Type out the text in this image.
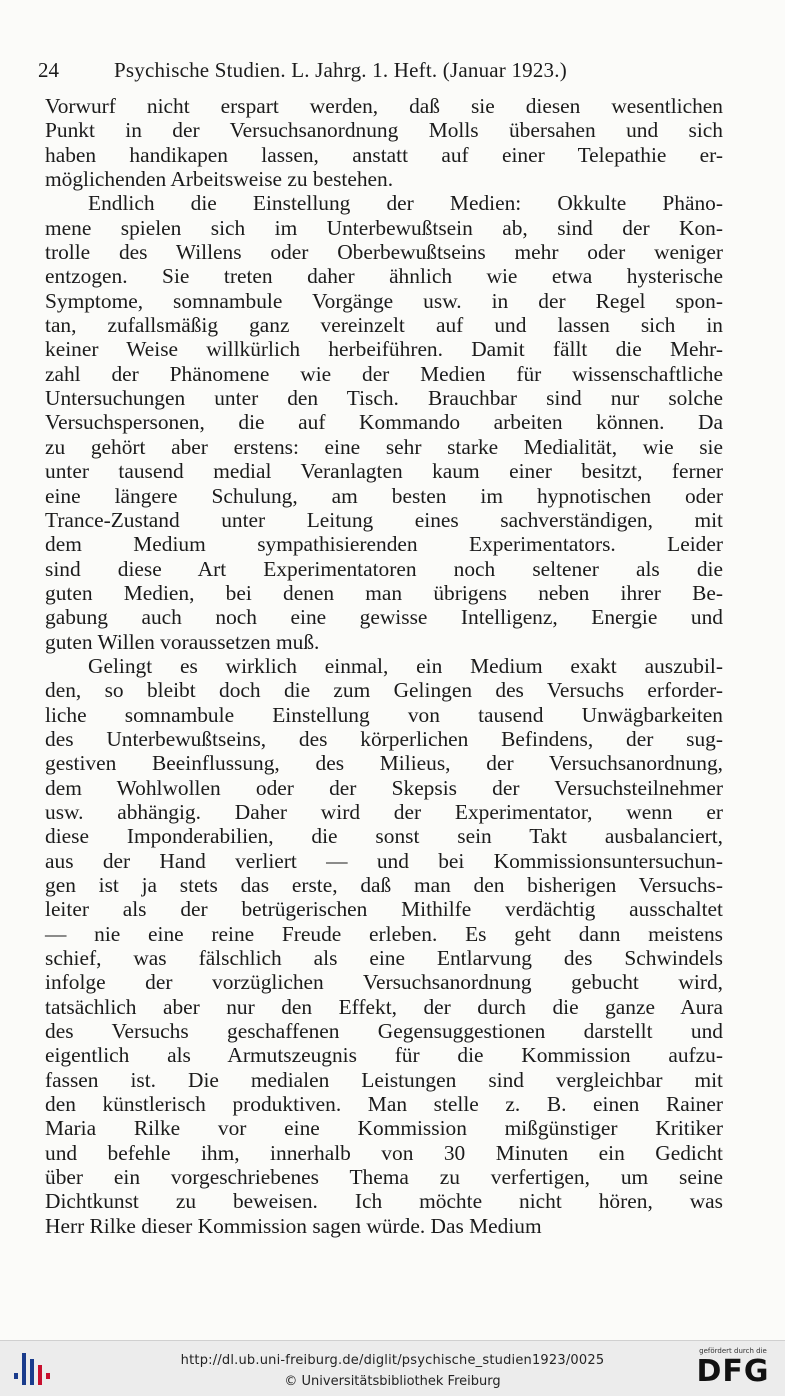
24	Psychische Studien. L. Jahrg. 1. Heft. (Januar 1923.)
Vorwurf nicht erspart werden, daß sie diesen wesentlichen
Punkt in der Versuchsanordnung Molls übersahen und sich
haben handikapen lassen, anstatt auf einer Telepathie er-
möglichenden Arbeitsweise zu bestehen.
Endlich die Einstellung der Medien: Okkulte Phäno-
mene spielen sich im Unterbewußtsein ab, sind der Kon-
trolle des Willens oder Oberbewußtseins mehr oder weniger
entzogen. Sie treten daher ähnlich wie etwa hysterische
Symptome, somnambule Vorgänge usw. in der Regel spon-
tan, zufallsmäßig ganz vereinzelt auf und lassen sich in
keiner Weise willkürlich herbeiführen. Damit fällt die Mehr-
zahl der Phänomene wie der Medien für wissenschaftliche
Untersuchungen unter den Tisch. Brauchbar sind nur solche
Versuchspersonen, die auf Kommando arbeiten können. Da
zu gehört aber erstens: eine sehr starke Medialität, wie sie
unter tausend medial Veranlagten kaum einer besitzt, ferner
eine längere Schulung, am besten im hypnotischen oder
Trance-Zustand unter Leitung eines sachverständigen, mit
dem Medium sympathisierenden Experimentators. Leider
sind diese Art Experimentatoren noch seltener als die
guten Medien, bei denen man übrigens neben ihrer Be-
gabung auch noch eine gewisse Intelligenz, Energie und
guten Willen voraussetzen muß.
Gelingt es wirklich einmal, ein Medium exakt auszubil-
den, so bleibt doch die zum Gelingen des Versuchs erforder-
liche somnambule Einstellung von tausend Unwägbarkeiten
des Unterbewußtseins, des körperlichen Befindens, der sug-
gestiven Beeinflussung, des Milieus, der Versuchsanordnung,
dem Wohlwollen oder der Skepsis der Versuchsteilnehmer
usw. abhängig. Daher wird der Experimentator, wenn er
diese Imponderabilien, die sonst sein Takt ausbalanciert,
aus der Hand verliert — und bei Kommissionsuntersuchun-
gen ist ja stets das erste, daß man den bisherigen Versuchs-
leiter als der betrügerischen Mithilfe verdächtig ausschaltet
— nie eine reine Freude erleben. Es geht dann meistens
schief, was fälschlich als eine Entlarvung des Schwindels
infolge der vorzüglichen Versuchsanordnung gebucht wird,
tatsächlich aber nur den Effekt, der durch die ganze Aura
des Versuchs geschaffenen Gegensuggestionen darstellt und
eigentlich als Armutszeugnis für die Kommission aufzu-
fassen ist. Die medialen Leistungen sind vergleichbar mit
den künstlerisch produktiven. Man stelle z. B. einen Rainer
Maria Rilke vor eine Kommission mißgünstiger Kritiker
und befehle ihm, innerhalb von 30 Minuten ein Gedicht
über ein vorgeschriebenes Thema zu verfertigen, um seine
Dichtkunst zu beweisen. Ich möchte nicht hören, was
Herr Rilke dieser Kommission sagen würde. Das Medium
http://dl.ub.uni-freiburg.de/diglit/psychische_studien1923/0025
© Universitätsbibliothek Freiburg
gefördert durch die
DFG
